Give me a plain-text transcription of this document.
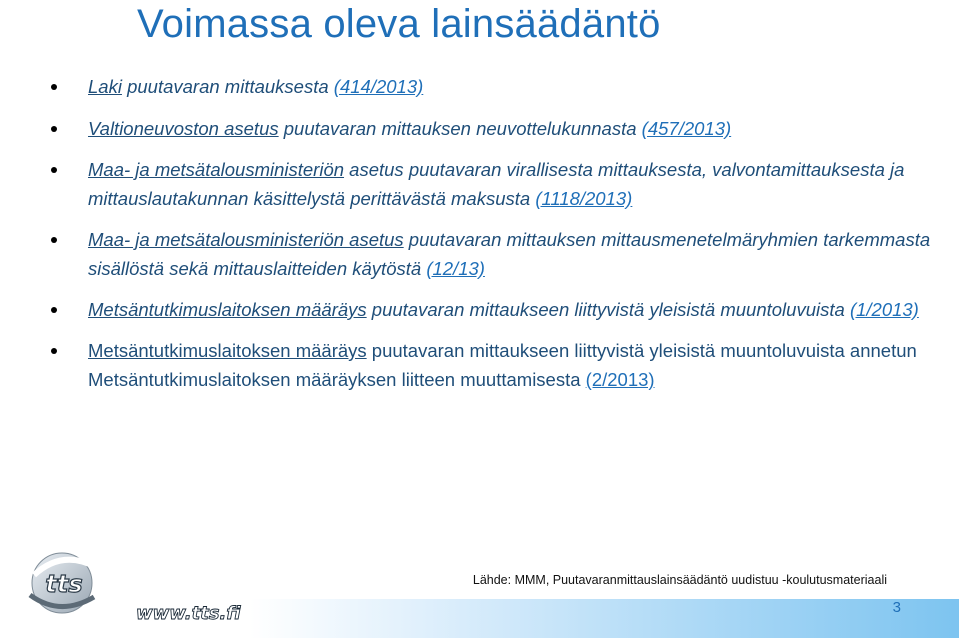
Voimassa oleva lainsäädäntö
Laki puutavaran mittauksesta (414/2013)
Valtioneuvoston asetus puutavaran mittauksen neuvottelukunnasta (457/2013)
Maa- ja metsätalousministeriön asetus puutavaran virallisesta mittauksesta, valvontamittauksesta ja mittauslautakunnan käsittelystä perittävästä maksusta (1118/2013)
Maa- ja metsätalousministeriön asetus puutavaran mittauksen mittausmenetelmäryhmien tarkemmasta sisällöstä sekä mittauslaitteiden käytöstä (12/13)
Metsäntutkimuslaitoksen määräys puutavaran mittaukseen liittyvistä yleisistä muuntoluvuista (1/2013)
Metsäntutkimuslaitoksen määräys puutavaran mittaukseen liittyvistä yleisistä muuntoluvuista annetun Metsäntutkimuslaitoksen määräyksen liitteen muuttamisesta (2/2013)
tts
www.tts.fi
Lähde: MMM, Puutavaranmittauslainsäädäntö uudistuu -koulutusmateriaali
3
